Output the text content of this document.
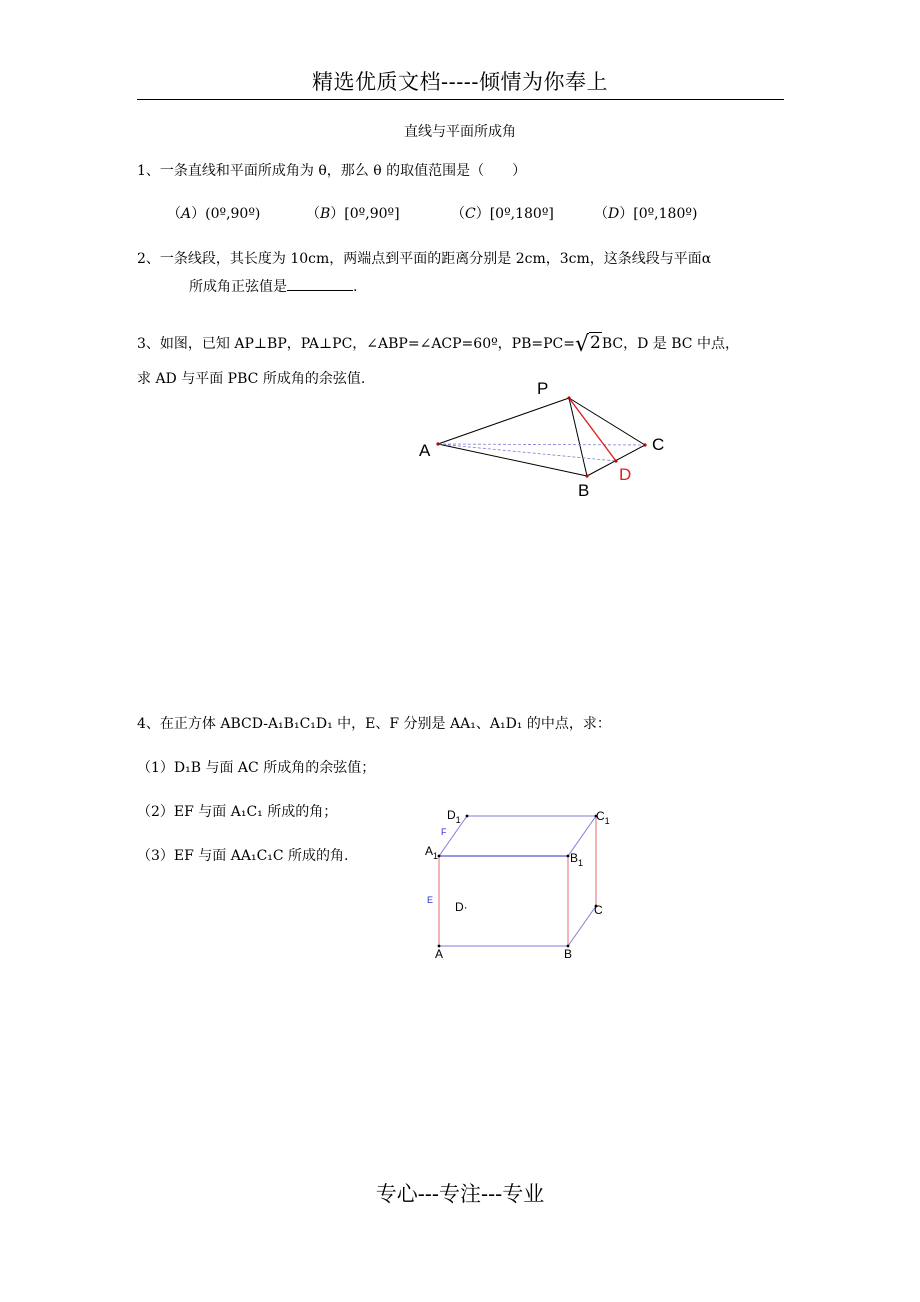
精选优质文档-----倾情为你奉上
直线与平面所成角
1、一条直线和平面所成角为 θ，那么 θ 的取值范围是（　　）
（A）(0º,90º)	（B）[0º,90º]	（C）[0º,180º]	（D）[0º,180º)
2、一条线段，其长度为 10cm，两端点到平面的距离分别是 2cm，3cm，这条线段与平面α
所成角正弦值是	.
3、如图，已知 AP⊥BP，PA⊥PC，∠ABP=∠ACP=60º，PB=PC=√2BC，D 是 BC 中点，
求 AD 与平面 PBC 所成角的余弦值.	P
A	C
D
B
4、在正方体 ABCD-A₁B₁C₁D₁ 中，E、F 分别是 AA₁、A₁D₁ 的中点，求：
（1）D₁B 与面 AC 所成角的余弦值；
（2）EF 与面 A₁C₁ 所成的角；
（3）EF 与面 AA₁C₁C 所成的角.
$D_1$	$C_1$
F
$A_1$	$B_1$
E D·	C
A	B
专心---专注---专业
